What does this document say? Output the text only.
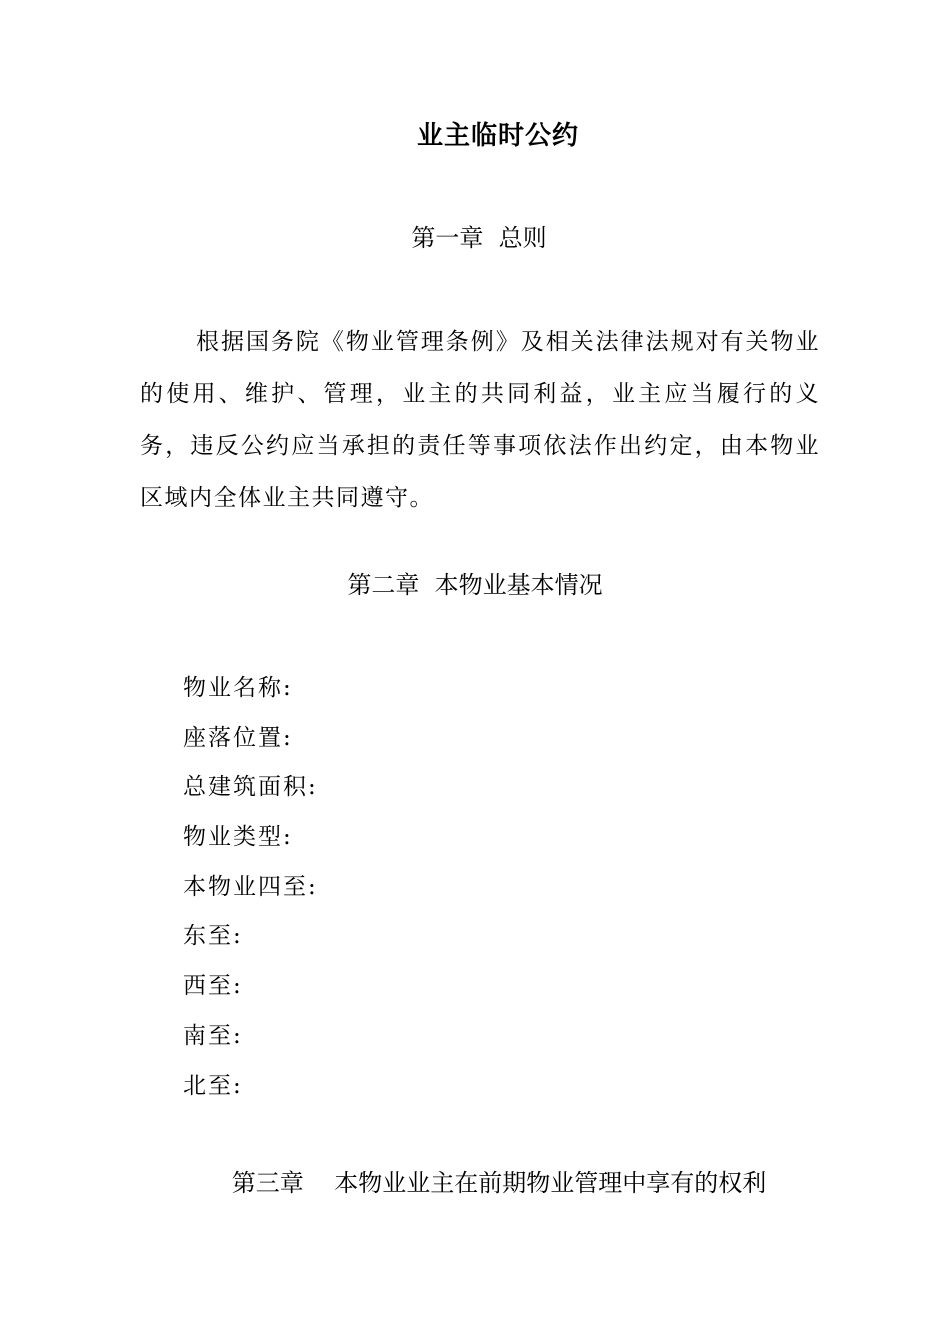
业主临时公约
第一章  总则
根据国务院《物业管理条例》及相关法律法规对有关物业的使用、维护、管理，业主的共同利益，业主应当履行的义务，违反公约应当承担的责任等事项依法作出约定，由本物业区域内全体业主共同遵守。
第二章  本物业基本情况
物业名称:
座落位置:
总建筑面积:
物业类型:
本物业四至:
东至:
西至:
南至:
北至:
第三章    本物业业主在前期物业管理中享有的权利
